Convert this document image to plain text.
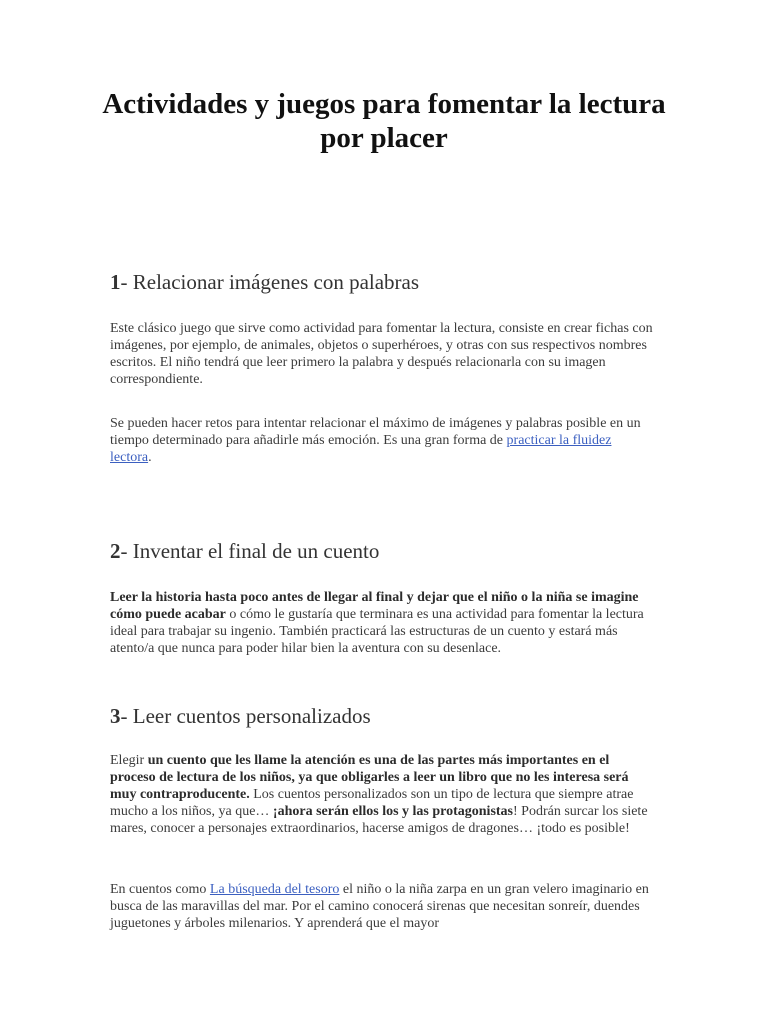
Actividades y juegos para fomentar la lectura por placer
1- Relacionar imágenes con palabras

Este clásico juego que sirve como actividad para fomentar la lectura, consiste en crear fichas con imágenes, por ejemplo, de animales, objetos o superhéroes, y otras con sus respectivos nombres escritos. El niño tendrá que leer primero la palabra y después relacionarla con su imagen correspondiente.

Se pueden hacer retos para intentar relacionar el máximo de imágenes y palabras posible en un tiempo determinado para añadirle más emoción. Es una gran forma de practicar la fluidez lectora.

2- Inventar el final de un cuento

Leer la historia hasta poco antes de llegar al final y dejar que el niño o la niña se imagine cómo puede acabar o cómo le gustaría que terminara es una actividad para fomentar la lectura ideal para trabajar su ingenio. También practicará las estructuras de un cuento y estará más atento/a que nunca para poder hilar bien la aventura con su desenlace.

3- Leer cuentos personalizados

Elegir un cuento que les llame la atención es una de las partes más importantes en el proceso de lectura de los niños, ya que obligarles a leer un libro que no les interesa será muy contraproducente. Los cuentos personalizados son un tipo de lectura que siempre atrae mucho a los niños, ya que… ¡ahora serán ellos los y las protagonistas! Podrán surcar los siete mares, conocer a personajes extraordinarios, hacerse amigos de dragones… ¡todo es posible!

En cuentos como La búsqueda del tesoro el niño o la niña zarpa en un gran velero imaginario en busca de las maravillas del mar. Por el camino conocerá sirenas que necesitan sonreír, duendes juguetones y árboles milenarios. Y aprenderá que el mayor
